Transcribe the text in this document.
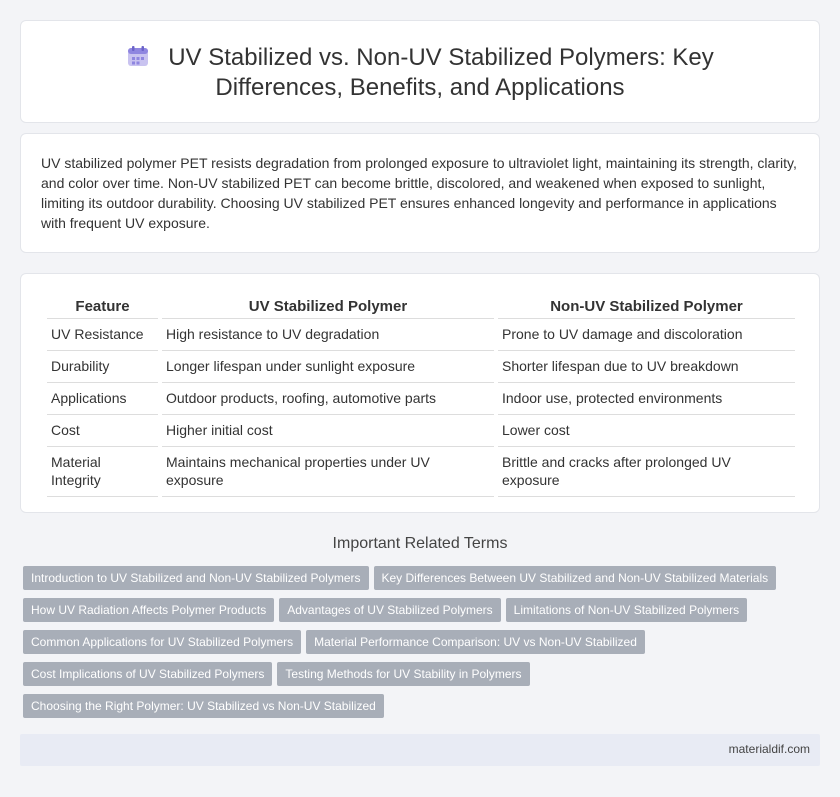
UV Stabilized vs. Non-UV Stabilized Polymers: Key Differences, Benefits, and Applications

UV stabilized polymer PET resists degradation from prolonged exposure to ultraviolet light, maintaining its strength, clarity, and color over time. Non-UV stabilized PET can become brittle, discolored, and weakened when exposed to sunlight, limiting its outdoor durability. Choosing UV stabilized PET ensures enhanced longevity and performance in applications with frequent UV exposure.

Feature	UV Stabilized Polymer	Non-UV Stabilized Polymer
UV Resistance	High resistance to UV degradation	Prone to UV damage and discoloration
Durability	Longer lifespan under sunlight exposure	Shorter lifespan due to UV breakdown
Applications	Outdoor products, roofing, automotive parts	Indoor use, protected environments
Cost	Higher initial cost	Lower cost
Material Integrity	Maintains mechanical properties under UV exposure	Brittle and cracks after prolonged UV exposure
Important Related Terms
Introduction to UV Stabilized and Non-UV Stabilized Polymers Key Differences Between UV Stabilized and Non-UV Stabilized Materials
How UV Radiation Affects Polymer Products Advantages of UV Stabilized Polymers Limitations of Non-UV Stabilized Polymers
Common Applications for UV Stabilized Polymers Material Performance Comparison: UV vs Non-UV Stabilized
Cost Implications of UV Stabilized Polymers Testing Methods for UV Stability in Polymers
Choosing the Right Polymer: UV Stabilized vs Non-UV Stabilized
materialdif.com
